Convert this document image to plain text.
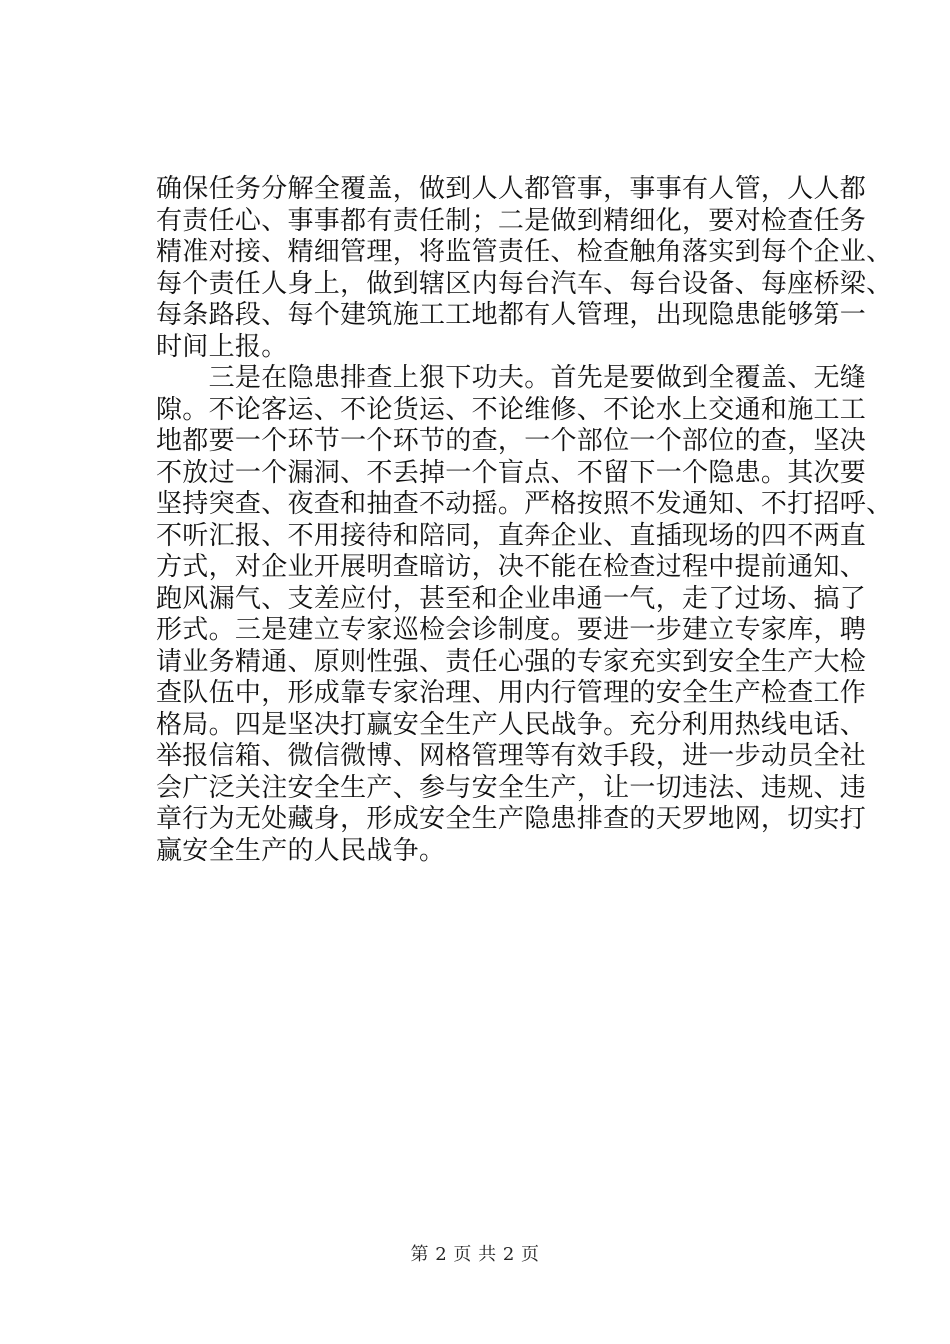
确保任务分解全覆盖，做到人人都管事，事事有人管，人人都
有责任心、事事都有责任制；二是做到精细化，要对检查任务
精准对接、精细管理，将监管责任、检查触角落实到每个企业、
每个责任人身上，做到辖区内每台汽车、每台设备、每座桥梁、
每条路段、每个建筑施工工地都有人管理，出现隐患能够第一
时间上报。
　　三是在隐患排查上狠下功夫。首先是要做到全覆盖、无缝
隙。不论客运、不论货运、不论维修、不论水上交通和施工工
地都要一个环节一个环节的查，一个部位一个部位的查，坚决
不放过一个漏洞、不丢掉一个盲点、不留下一个隐患。其次要
坚持突查、夜查和抽查不动摇。严格按照不发通知、不打招呼、
不听汇报、不用接待和陪同，直奔企业、直插现场的四不两直
方式，对企业开展明查暗访，决不能在检查过程中提前通知、
跑风漏气、支差应付，甚至和企业串通一气，走了过场、搞了
形式。三是建立专家巡检会诊制度。要进一步建立专家库，聘
请业务精通、原则性强、责任心强的专家充实到安全生产大检
查队伍中，形成靠专家治理、用内行管理的安全生产检查工作
格局。四是坚决打赢安全生产人民战争。充分利用热线电话、
举报信箱、微信微博、网格管理等有效手段，进一步动员全社
会广泛关注安全生产、参与安全生产，让一切违法、违规、违
章行为无处藏身，形成安全生产隐患排查的天罗地网，切实打
赢安全生产的人民战争。
第 2 页 共 2 页
